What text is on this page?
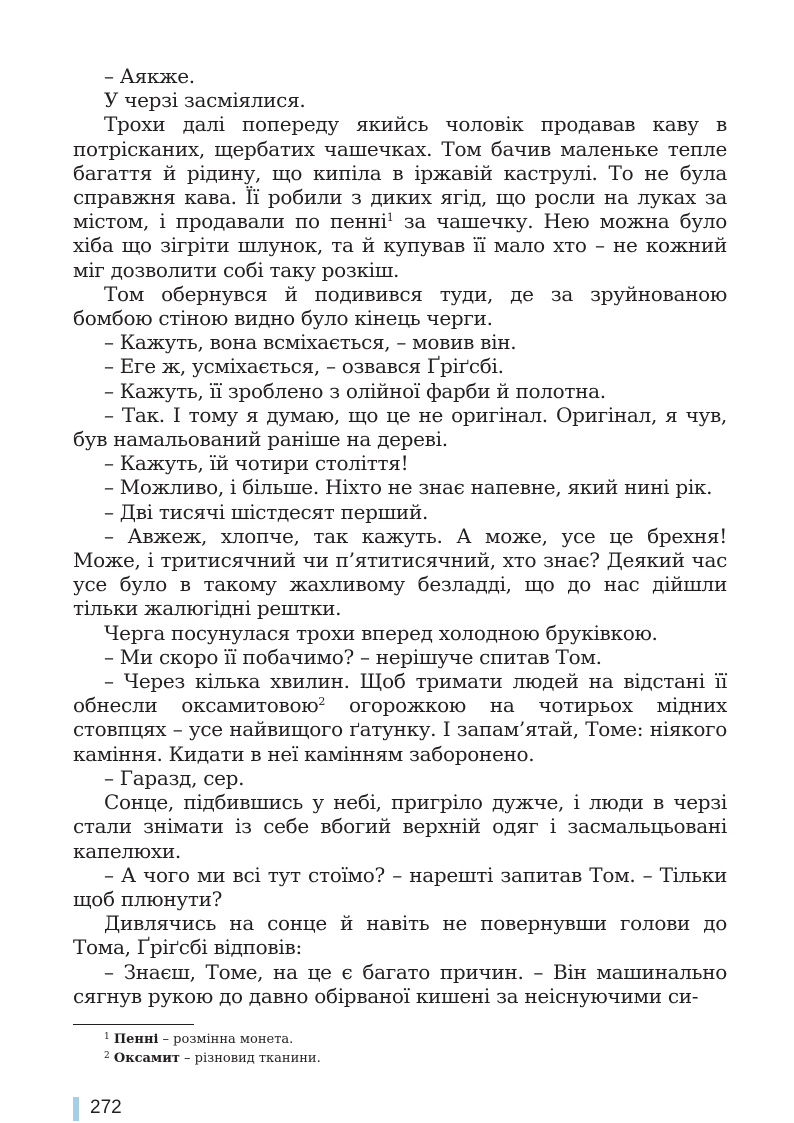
– Аякже.

У черзі засміялися.

Трохи далі попереду якийсь чоловік продавав каву в потрісканих, щербатих чашечках. Том бачив маленьке тепле багаття й рідину, що кипіла в іржавій каструлі. То не була справжня кава. Її робили з диких ягід, що росли на луках за містом, і продавали по пенні$^1$ за чашечку. Нею можна було хіба що зігріти шлунок, та й купував її мало хто – не кожний міг дозволити собі таку розкіш.

Том обернувся й подивився туди, де за зруйнованою бомбою стіною видно було кінець черги.

– Кажуть, вона всміхається, – мовив він.

– Еге ж, усміхається, – озвався Ґріґсбі.

– Кажуть, її зроблено з олійної фарби й полотна.

– Так. І тому я думаю, що це не оригінал. Оригінал, я чув, був намальований раніше на дереві.

– Кажуть, їй чотири століття!

– Можливо, і більше. Ніхто не знає напевне, який нині рік.

– Дві тисячі шістдесят перший.

– Авжеж, хлопче, так кажуть. А може, усе це брехня! Може, і тритисячний чи п’ятитисячний, хто знає? Деякий час усе було в такому жахливому безладді, що до нас дійшли тільки жалюгідні рештки.

Черга посунулася трохи вперед холодною бруківкою.

– Ми скоро її побачимо? – нерішуче спитав Том.

– Через кілька хвилин. Щоб тримати людей на відстані її обнесли оксамитовою$^2$ огорожкою на чотирьох мідних стовпцях – усе найвищого ґатунку. І запам’ятай, Томе: ніякого каміння. Кидати в неї камінням заборонено.

– Гаразд, сер.

Сонце, підбившись у небі, пригріло дужче, і люди в черзі стали знімати із себе вбогий верхній одяг і засмальцьовані капелюхи.

– А чого ми всі тут стоїмо? – нарешті запитав Том. – Тільки щоб плюнути?

Дивлячись на сонце й навіть не повернувши голови до Тома, Ґріґсбі відповів:

– Знаєш, Томе, на це є багато причин. – Він машинально сягнув рукою до давно обірваної кишені за неіснуючими си-

$^1$ Пенні – розмінна монета.

$^2$ Оксамит – різновид тканини.

272
